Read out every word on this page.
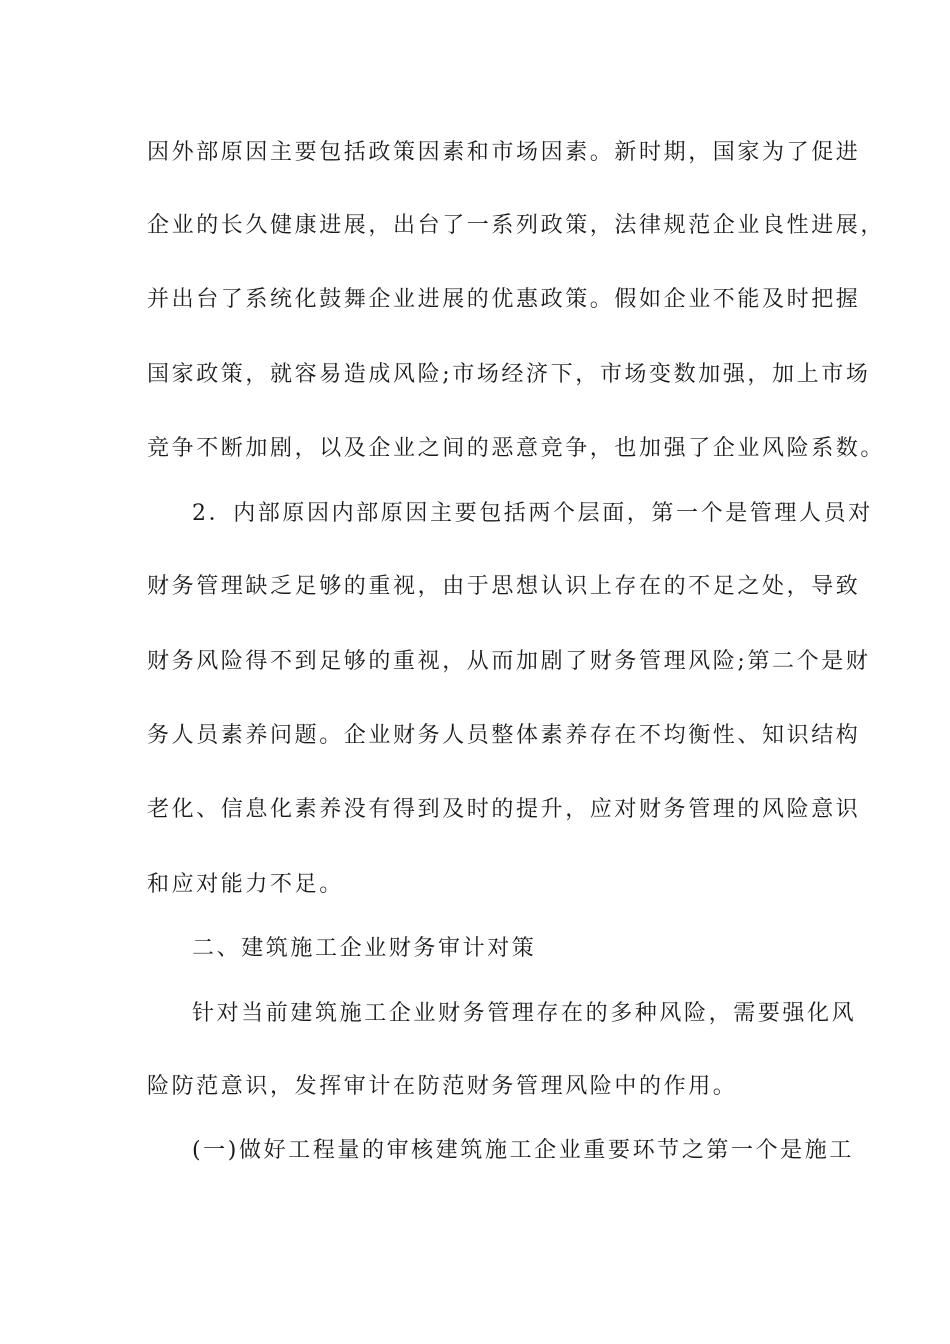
因外部原因主要包括政策因素和市场因素。新时期，国家为了促进
企业的长久健康进展，出台了一系列政策，法律规范企业良性进展，
并出台了系统化鼓舞企业进展的优惠政策。假如企业不能及时把握
国家政策，就容易造成风险;市场经济下，市场变数加强，加上市场
竞争不断加剧，以及企业之间的恶意竞争，也加强了企业风险系数。
2．内部原因内部原因主要包括两个层面，第一个是管理人员对
财务管理缺乏足够的重视，由于思想认识上存在的不足之处，导致
财务风险得不到足够的重视，从而加剧了财务管理风险;第二个是财
务人员素养问题。企业财务人员整体素养存在不均衡性、知识结构
老化、信息化素养没有得到及时的提升，应对财务管理的风险意识
和应对能力不足。
二、建筑施工企业财务审计对策
针对当前建筑施工企业财务管理存在的多种风险，需要强化风
险防范意识，发挥审计在防范财务管理风险中的作用。
(一)做好工程量的审核建筑施工企业重要环节之第一个是施工
